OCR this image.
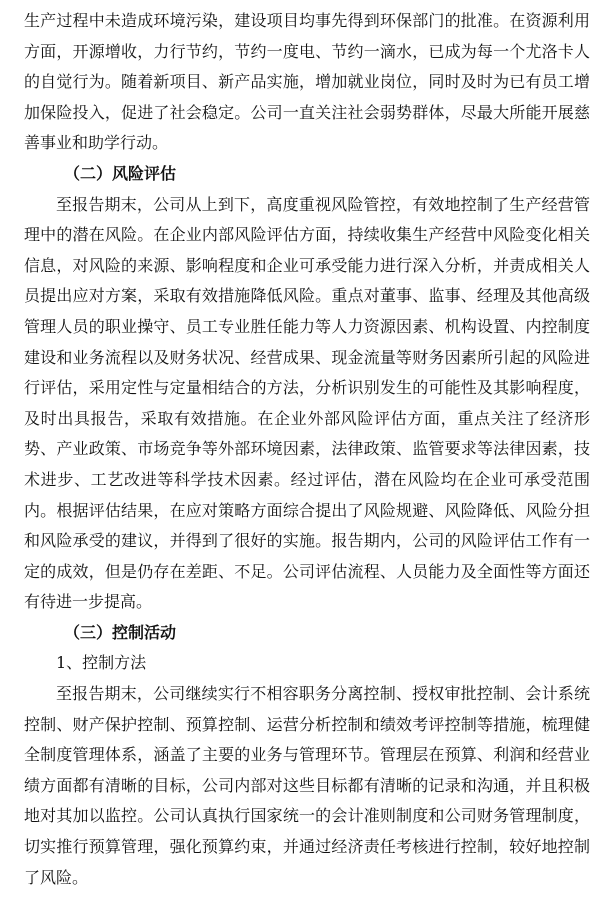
生产过程中未造成环境污染，建设项目均事先得到环保部门的批准。在资源利用方面，开源增收，力行节约，节约一度电、节约一滴水，已成为每一个尤洛卡人的自觉行为。随着新项目、新产品实施，增加就业岗位，同时及时为已有员工增加保险投入，促进了社会稳定。公司一直关注社会弱势群体，尽最大所能开展慈善事业和助学行动。

（二）风险评估

至报告期末，公司从上到下，高度重视风险管控，有效地控制了生产经营管理中的潜在风险。在企业内部风险评估方面，持续收集生产经营中风险变化相关信息，对风险的来源、影响程度和企业可承受能力进行深入分析，并责成相关人员提出应对方案，采取有效措施降低风险。重点对董事、监事、经理及其他高级管理人员的职业操守、员工专业胜任能力等人力资源因素、机构设置、内控制度建设和业务流程以及财务状况、经营成果、现金流量等财务因素所引起的风险进行评估，采用定性与定量相结合的方法，分析识别发生的可能性及其影响程度，及时出具报告，采取有效措施。在企业外部风险评估方面，重点关注了经济形势、产业政策、市场竞争等外部环境因素，法律政策、监管要求等法律因素，技术进步、工艺改进等科学技术因素。经过评估，潜在风险均在企业可承受范围内。根据评估结果，在应对策略方面综合提出了风险规避、风险降低、风险分担和风险承受的建议，并得到了很好的实施。报告期内，公司的风险评估工作有一定的成效，但是仍存在差距、不足。公司评估流程、人员能力及全面性等方面还有待进一步提高。

（三）控制活动

1、控制方法

至报告期末，公司继续实行不相容职务分离控制、授权审批控制、会计系统控制、财产保护控制、预算控制、运营分析控制和绩效考评控制等措施，梳理健全制度管理体系，涵盖了主要的业务与管理环节。管理层在预算、利润和经营业绩方面都有清晰的目标，公司内部对这些目标都有清晰的记录和沟通，并且积极地对其加以监控。公司认真执行国家统一的会计准则制度和公司财务管理制度，切实推行预算管理，强化预算约束，并通过经济责任考核进行控制，较好地控制了风险。
